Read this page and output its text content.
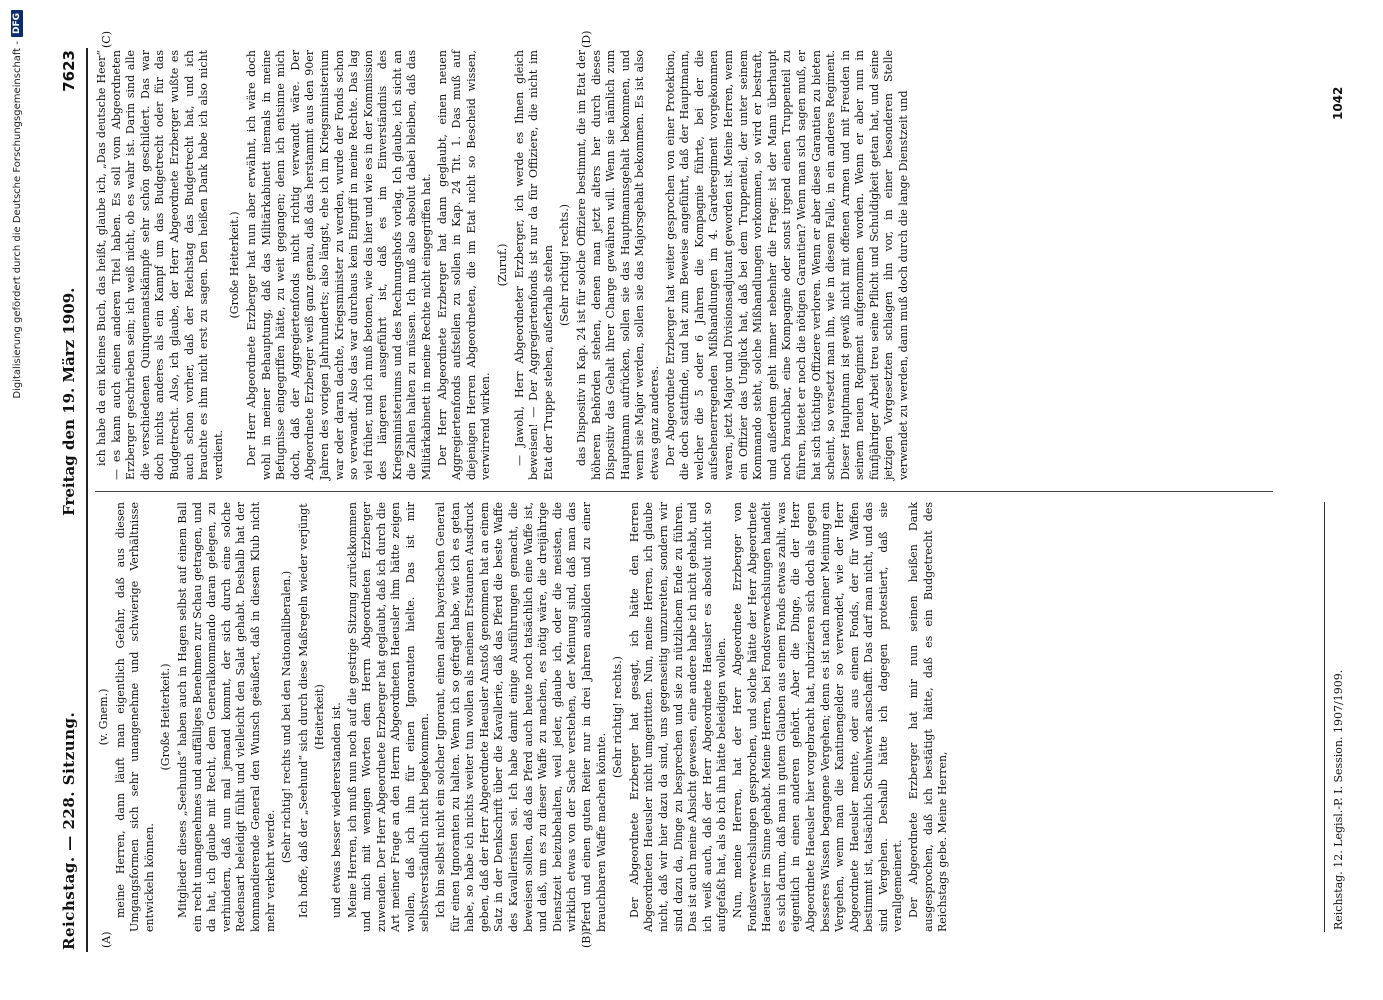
Digitalisierung gefördert durch die Deutsche Forschungsgemeinschaft -
DFG
Reichstag. — 228. Sitzung.
Freitag den 19. März 1909.
7623
(A)	(B)
(C)	(D)

(v. Gnem.) meine Herren, dann läuft man eigentlich Gefahr, daß aus diesen Umgangsformen sich sehr unangenehme und schwierige Verhältnisse entwickeln können.

(Große Heiterkeit.) Mitglieder dieses „Seehunds“ haben auch in Hagen selbst auf einem Ball ein recht unangenehmes und auffälliges Benehmen zur Schau getragen, und da hat, ich glaube mit Recht, dem Generalkommando daran gelegen, zu verhindern, daß nun mal jemand kommt, der sich durch eine solche Redensart beleidigt fühlt und vielleicht den Salat gehabt. Deshalb hat der kommandierende General den Wunsch geäußert, daß in diesem Klub nicht mehr verkehrt werde.

(Sehr richtig! rechts und bei den Nationalliberalen.) Ich hoffe, daß der „Seehund“ sich durch diese Maßregeln wieder verjüngt (Heiterkeit) und etwas besser wiedererstanden ist. Meine Herren, ich muß nun noch auf die gestrige Sitzung zurückkommen und mich mit wenigen Worten dem Herrn Abgeordneten Erzberger zuwenden. Der Herr Abgeordnete Erzberger hat geglaubt, daß ich durch die Art meiner Frage an den Herrn Abgeordneten Haeusler ihm hätte zeigen wollen, daß ich ihn für einen Ignoranten hielte. Das ist mir selbstverständlich nicht beigekommen. Ich bin selbst nicht ein solcher Ignorant, einen alten bayerischen General für einen Ignoranten zu halten. Wenn ich so gefragt habe, wie ich es getan habe, so habe ich nichts weiter tun wollen als meinem Erstaunen Ausdruck geben, daß der Herr Abgeordnete Haeusler Anstoß genommen hat an einem Satz in der Denkschrift über die Kavallerie, daß das Pferd die beste Waffe des Kavalleristen sei. Ich habe damit einige Ausführungen gemacht, die beweisen sollten, daß das Pferd auch heute noch tatsächlich eine Waffe ist, und daß, um es zu dieser Waffe zu machen, es nötig wäre, die dreijährige Dienstzeit beizubehalten, weil jeder, glaube ich, oder die meisten, die wirklich etwas von der Sache verstehen, der Meinung sind, daß man das Pferd und einen guten Reiter nur in drei Jahren ausbilden und zu einer brauchbaren Waffe machen könnte.

(Sehr richtig! rechts.) Der Abgeordnete Erzberger hat gesagt, ich hätte den Herren Abgeordneten Haeusler nicht umgerittten. Nun, meine Herren, ich glaube nicht, daß wir hier dazu da sind, uns gegenseitig umzureiten, sondern wir sind dazu da, Dinge zu besprechen und sie zu nützlichem Ende zu führen. Das ist auch meine Absicht gewesen, eine andere habe ich nicht gehabt, und ich weiß auch, daß der Herr Abgeordnete Haeusler es absolut nicht so aufgefaßt hat, als ob ich ihn hätte beleidigen wollen. Nun, meine Herren, hat der Herr Abgeordnete Erzberger von Fondsverwechslungen gesprochen, und solche hätte der Herr Abgeordnete Haeusler im Sinne gehabt. Meine Herren, bei Fondsverwechslungen handelt es sich darum, daß man in gutem Glauben aus einem Fonds etwas zahlt, was eigentlich in einen anderen gehört. Aber die Dinge, die der Herr Abgeordnete Haeusler hier vorgebracht hat, rubrizieren sich doch als gegen besseres Wissen begangene Vergehen; denn es ist nach meiner Meinung ein Vergehen, wenn man die Kantinengelder so verwendet, wie der Herr Abgeordnete Haeusler meinte, oder aus einem Fonds, der für Waffen bestimmt ist, tatsächlich Schuhwerk anschafft. Das darf man nicht, und das sind Vergehen. Deshalb hätte ich dagegen protestiert, daß sie verallgemeinert. Der Abgeordnete Erzberger hat mir nun seinen heißen Dank ausgesprochen, daß ich bestätigt hätte, daß es ein Budgetrecht des Reichstags gebe. Meine Herren,

ich habe da ein kleines Buch, das heißt, glaube ich, „Das deutsche Heer“ — es kann auch einen anderen Titel haben. Es soll vom Abgeordneten Erzberger geschrieben sein; ich weiß nicht, ob es wahr ist. Darin sind alle die verschiedenen Quinquennatskämpfe sehr schön geschildert. Das war doch nichts anderes als ein Kampf um das Budgetrecht oder für das Budgetrecht. Also, ich glaube, der Herr Abgeordnete Erzberger wußte es auch schon vorher, daß der Reichstag das Budgetrecht hat, und ich brauchte es ihm nicht erst zu sagen. Den heißen Dank habe ich also nicht verdient.

(Große Heiterkeit.) Der Herr Abgeordnete Erzberger hat nun aber erwähnt, ich wäre doch wohl in meiner Behauptung, daß das Militärkabinett niemals in meine Befugnisse eingegriffen hätte, zu weit gegangen; denn ich entsinne mich doch, daß der Aggregiertenfonds nicht richtig verwandt wäre. Der Abgeordnete Erzberger weiß ganz genau, daß das herstammt aus den 90er Jahren des vorigen Jahrhunderts; also längst, ehe ich im Kriegsministerium war oder daran dachte, Kriegsminister zu werden, wurde der Fonds schon so verwandt. Also das war durchaus kein Eingriff in meine Rechte. Das lag viel früher, und ich muß betonen, wie das hier und wie es in der Kommission des längeren ausgeführt ist, daß es im Einverständnis des Kriegsministeriums und des Rechnungshofs vorlag. Ich glaube, ich sicht an die Zahlen halten zu müssen. Ich muß also absolut dabei bleiben, daß das Militärkabinett in meine Rechte nicht eingegriffen hat. Der Herr Abgeordnete Erzberger hat dann geglaubt, einen neuen Aggregiertenfonds aufstellen zu sollen in Kap. 24 Tit. 1. Das muß auf diejenigen Herren Abgeordneten, die im Etat nicht so Bescheid wissen, verwirrend wirken.

(Zuruf.) — Jawohl, Herr Abgeordneter Erzberger, ich werde es Ihnen gleich beweisen! — Der Aggregiertenfonds ist nur da für Offiziere, die nicht im Etat der Truppe stehen, außerhalb stehen (Sehr richtig! rechts.) das Dispositiv in Kap. 24 ist für solche Offiziere bestimmt, die im Etat der höheren Behörden stehen, denen man jetzt alters her durch dieses Dispositiv das Gehalt ihrer Charge gewähren will. Wenn sie nämlich zum Hauptmann aufrücken, sollen sie das Hauptmannsgehalt bekommen, und wenn sie Major werden, sollen sie das Majorsgehalt bekommen. Es ist also etwas ganz anderes. Der Abgeordnete Erzberger hat weiter gesprochen von einer Protektion, die doch stattfinde, und hat zum Beweise angeführt, daß der Hauptmann, welcher die 5 oder 6 Jahren die Kompagnie führte, bei der die aufsehenerregenden Mißhandlungen im 4. Garderegiment vorgekommen waren, jetzt Major und Divisionsadjutant geworden ist. Meine Herren, wenn ein Offizier das Unglück hat, daß bei dem Truppenteil, der unter seinem Kommando steht, solche Mißhandlungen vorkommen, so wird er bestraft, und außerdem geht immer nebenher die Frage: ist der Mann überhaupt noch brauchbar, eine Kompagnie oder sonst irgend einen Truppenteil zu führen, bietet er noch die nötigen Garantien? Wenn man sich sagen muß, er hat sich tüchtige Offiziere verloren. Wenn er aber diese Garantien zu bieten scheint, so versetzt man ihn, wie in diesem Falle, in ein anderes Regiment. Dieser Hauptmann ist gewiß nicht mit offenen Armen und mit Freuden in seinem neuen Regiment aufgenommen worden. Wenn er aber nun in fünfjähriger Arbeit treu seine Pflicht und Schuldigkeit getan hat, und seine jetzigen Vorgesetzten schlagen ihn vor, in einer besonderen Stelle verwendet zu werden, dann muß doch durch die lange Dienstzeit und

Reichstag. 12. Legisl.-P. I. Session. 1907/1909.
1042
